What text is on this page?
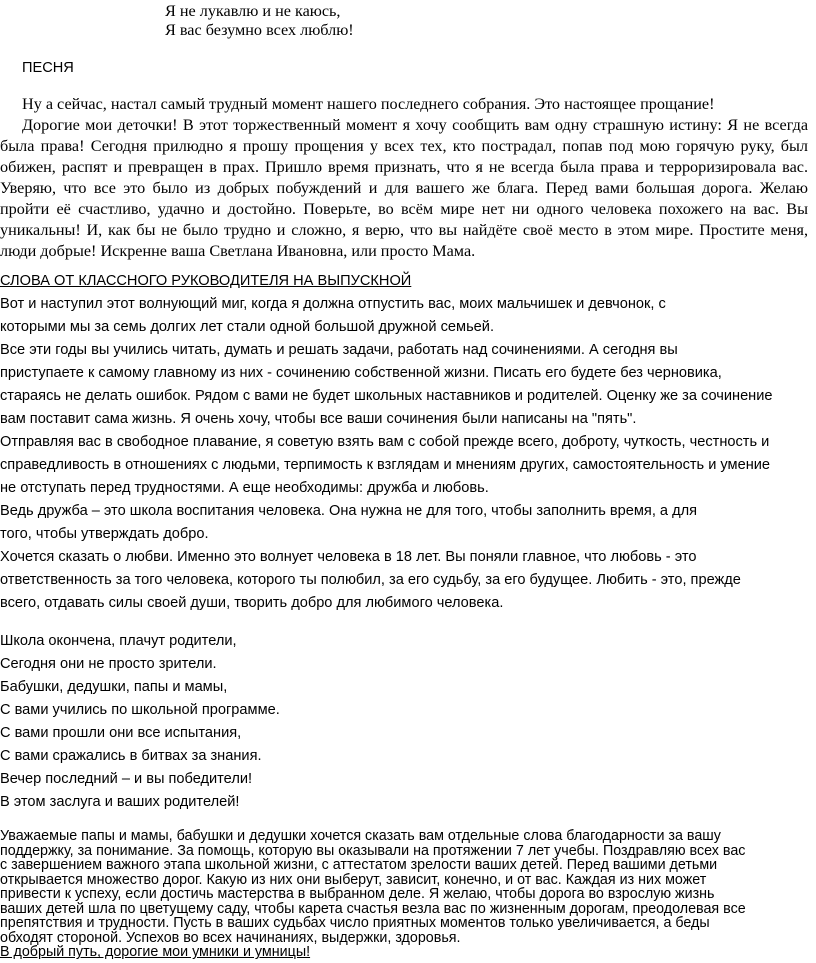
Я не лукавлю и не каюсь,
Я вас безумно всех люблю!
ПЕСНЯ
Ну а сейчас, настал самый трудный момент нашего последнего собрания. Это настоящее прощание!
Дорогие мои деточки! В этот торжественный момент я хочу сообщить вам одну страшную истину: Я не всегда
была права! Сегодня прилюдно я прошу прощения у всех тех, кто пострадал, попав под мою горячую руку, был
обижен, распят и превращен в прах. Пришло время признать, что я не всегда была права и терроризировала вас.
Уверяю, что все это было из добрых побуждений и для вашего же блага. Перед вами большая дорога. Желаю
пройти её счастливо, удачно и достойно. Поверьте, во всём мире нет ни одного человека похожего на вас. Вы
уникальны! И, как бы не было трудно и сложно, я верю, что вы найдёте своё место в этом мире. Простите меня,
люди добрые! Искренне ваша Светлана Ивановна, или просто Мама.
СЛОВА ОТ КЛАССНОГО РУКОВОДИТЕЛЯ НА ВЫПУСКНОЙ
Вот и наступил этот волнующий миг, когда я должна отпустить вас, моих мальчишек и девчонок, с
которыми мы за семь долгих лет стали одной большой дружной семьей.
Все эти годы вы учились читать, думать и решать задачи, работать над сочинениями. А сегодня вы
приступаете к самому главному из них - сочинению собственной жизни. Писать его будете без черновика,
стараясь не делать ошибок. Рядом с вами не будет школьных наставников и родителей. Оценку же за сочинение
вам поставит сама жизнь. Я очень хочу, чтобы все ваши сочинения были написаны на "пять".
Отправляя вас в свободное плавание, я советую взять вам с собой прежде всего, доброту, чуткость, честность и
справедливость в отношениях с людьми, терпимость к взглядам и мнениям других, самостоятельность и умение
не отступать перед трудностями. А еще необходимы: дружба и любовь.
Ведь дружба – это школа воспитания человека. Она нужна не для того, чтобы заполнить время, а для
того, чтобы утверждать добро.
Хочется сказать о любви. Именно это волнует человека в 18 лет. Вы поняли главное, что любовь - это
ответственность за того человека, которого ты полюбил, за его судьбу, за его будущее. Любить - это, прежде
всего, отдавать силы своей души, творить добро для любимого человека.
Школа окончена, плачут родители,
Сегодня они не просто зрители.
Бабушки, дедушки, папы и мамы,
С вами учились по школьной программе.
С вами прошли они все испытания,
С вами сражались в битвах за знания.
Вечер последний – и вы победители!
В этом заслуга и ваших родителей!
Уважаемые папы и мамы, бабушки и дедушки хочется сказать вам отдельные слова благодарности за вашу
поддержку, за понимание. За помощь, которую вы оказывали на протяжении 7 лет учебы. Поздравляю всех вас
с завершением важного этапа школьной жизни, с аттестатом зрелости ваших детей. Перед вашими детьми
открывается множество дорог. Какую из них они выберут, зависит, конечно, и от вас. Каждая из них может
привести к успеху, если достичь мастерства в выбранном деле. Я желаю, чтобы дорога во взрослую жизнь
ваших детей шла по цветущему саду, чтобы карета счастья везла вас по жизненным дорогам, преодолевая все
препятствия и трудности. Пусть в ваших судьбах число приятных моментов только увеличивается, а беды
обходят стороной. Успехов во всех начинаниях, выдержки, здоровья.
В добрый путь, дорогие мои умники и умницы!
